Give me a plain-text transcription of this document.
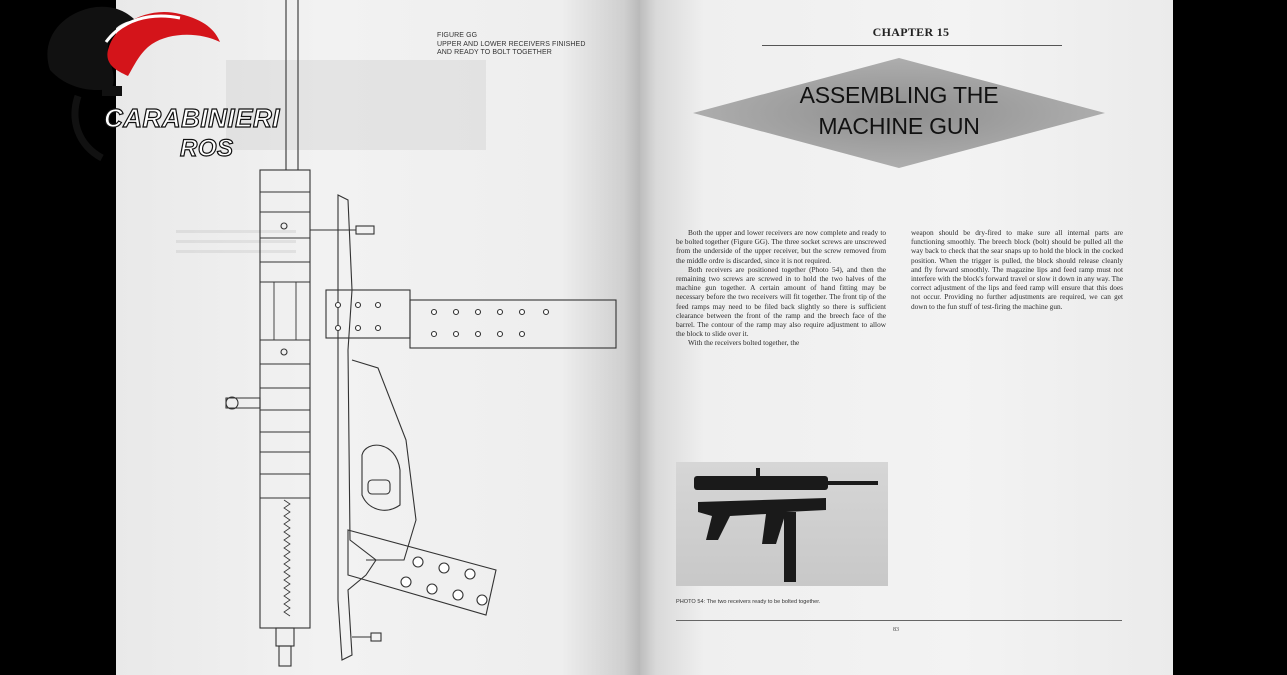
FIGURE GG
UPPER AND LOWER RECEIVERS FINISHED
AND READY TO BOLT TOGETHER
CHAPTER 15
ASSEMBLING THE
MACHINE GUN

Both the upper and lower receivers are now complete and ready to be bolted together (Figure GG). The three socket screws are unscrewed from the underside of the upper receiver, but the screw removed from the middle ordre is discarded, since it is not required.

Both receivers are positioned together (Photo 54), and then the remaining two screws are screwed in to hold the two halves of the machine gun together. A certain amount of hand fitting may be necessary before the two receivers will fit together. The front tip of the feed ramps may need to be filed back slightly so there is sufficient clearance between the front of the ramp and the breech face of the barrel. The contour of the ramp may also require adjustment to allow the block to slide over it.

With the receivers bolted together, the

weapon should be dry-fired to make sure all internal parts are functioning smoothly. The breech block (bolt) should be pulled all the way back to check that the sear snaps up to hold the block in the cocked position. When the trigger is pulled, the block should release cleanly and fly forward smoothly. The magazine lips and feed ramp must not interfere with the block's forward travel or slow it down in any way. The correct adjustment of the lips and feed ramp will ensure that this does not occur. Providing no further adjustments are required, we can get down to the fun stuff of test-firing the machine gun.

PHOTO 54: The two receivers ready to be bolted together.
83
CARABINIERI
ROS
